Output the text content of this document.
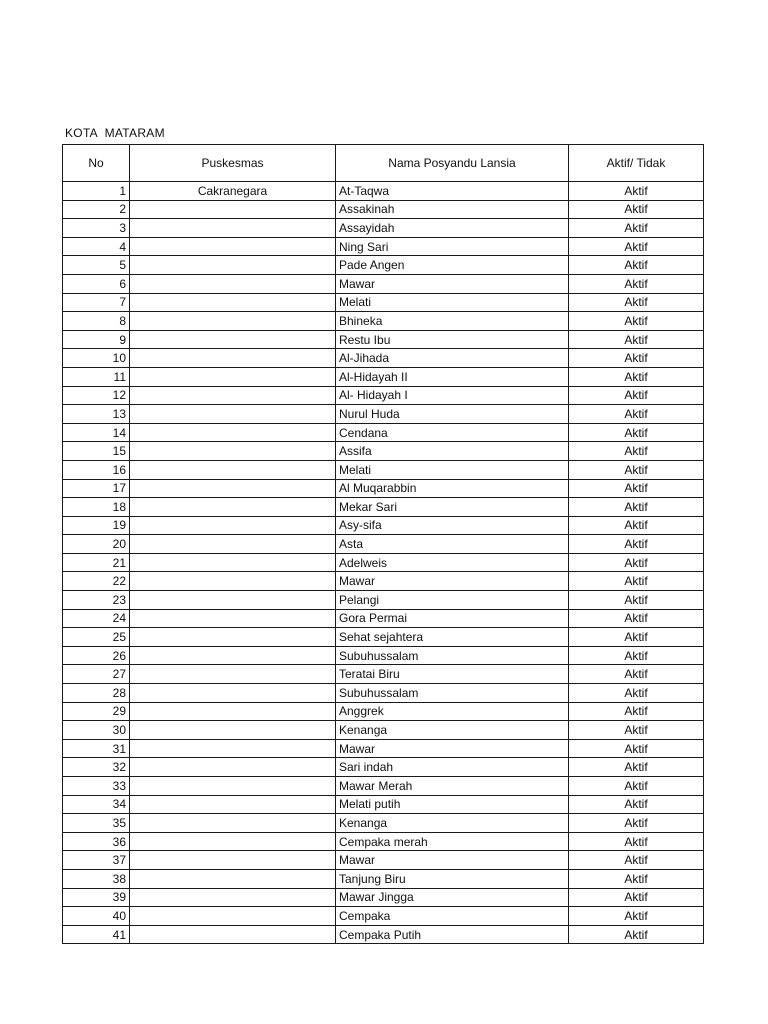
KOTA  MATARAM
No	Puskesmas	Nama Posyandu Lansia	Aktif/ Tidak
1	Cakranegara	At-Taqwa	Aktif
2		Assakinah	Aktif
3		Assayidah	Aktif
4		Ning Sari	Aktif
5		Pade Angen	Aktif
6		Mawar	Aktif
7		Melati	Aktif
8		Bhineka	Aktif
9		Restu Ibu	Aktif
10		Al-Jihada	Aktif
11		Al-Hidayah II	Aktif
12		Al- Hidayah I	Aktif
13		Nurul Huda	Aktif
14		Cendana	Aktif
15		Assifa	Aktif
16		Melati	Aktif
17		Al Muqarabbin	Aktif
18		Mekar Sari	Aktif
19		Asy-sifa	Aktif
20		Asta	Aktif
21		Adelweis	Aktif
22		Mawar	Aktif
23		Pelangi	Aktif
24		Gora Permai	Aktif
25		Sehat sejahtera	Aktif
26		Subuhussalam	Aktif
27		Teratai Biru	Aktif
28		Subuhussalam	Aktif
29		Anggrek	Aktif
30		Kenanga	Aktif
31		Mawar	Aktif
32		Sari indah	Aktif
33		Mawar Merah	Aktif
34		Melati putih	Aktif
35		Kenanga	Aktif
36		Cempaka merah	Aktif
37		Mawar	Aktif
38		Tanjung Biru	Aktif
39		Mawar Jingga	Aktif
40		Cempaka	Aktif
41		Cempaka Putih	Aktif
